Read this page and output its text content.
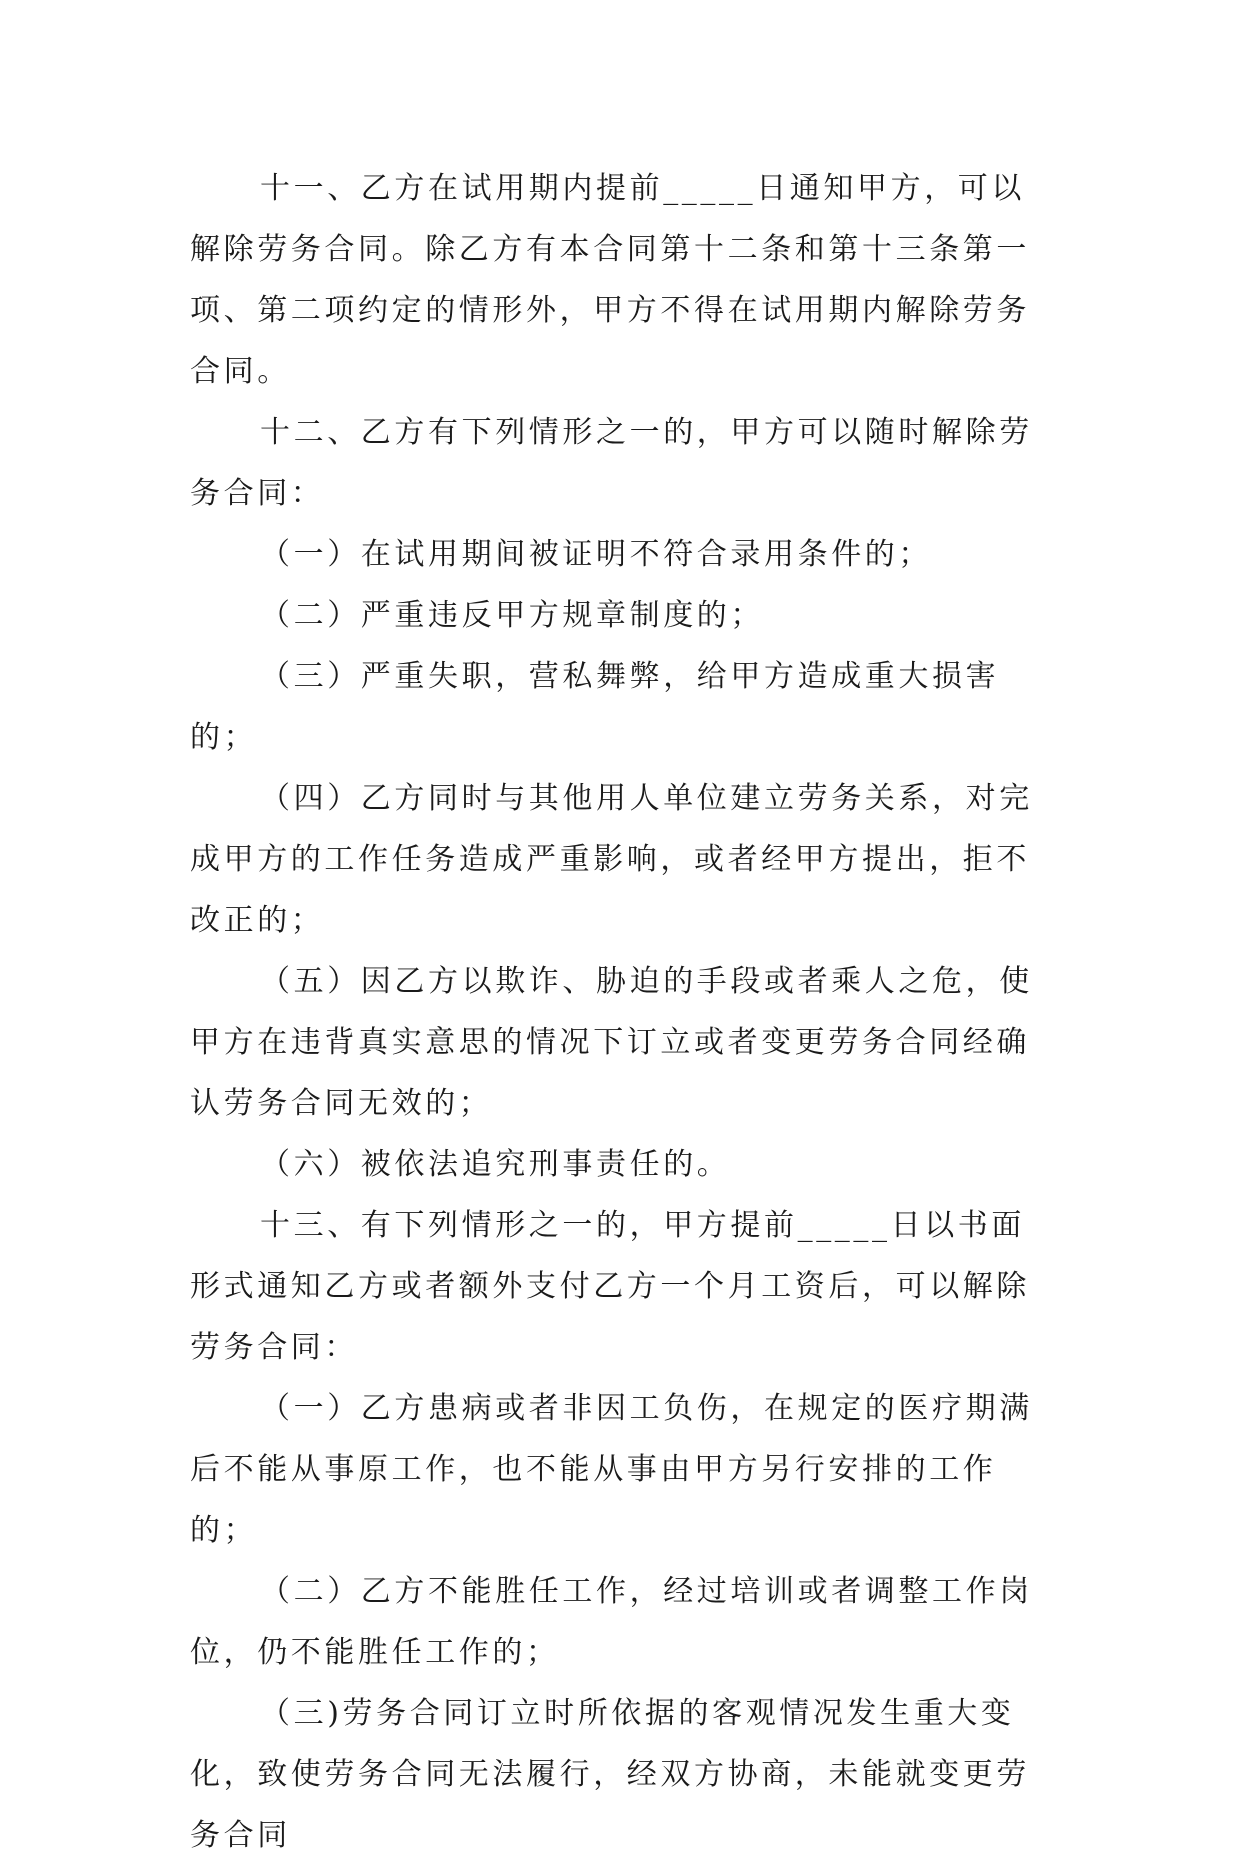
十一、乙方在试用期内提前_____日通知甲方，可以解除劳务合同。除乙方有本合同第十二条和第十三条第一项、第二项约定的情形外，甲方不得在试用期内解除劳务合同。

十二、乙方有下列情形之一的，甲方可以随时解除劳务合同：

（一）在试用期间被证明不符合录用条件的；

（二）严重违反甲方规章制度的；

（三）严重失职，营私舞弊，给甲方造成重大损害的；

（四）乙方同时与其他用人单位建立劳务关系，对完成甲方的工作任务造成严重影响，或者经甲方提出，拒不改正的；

（五）因乙方以欺诈、胁迫的手段或者乘人之危，使甲方在违背真实意思的情况下订立或者变更劳务合同经确认劳务合同无效的；

（六）被依法追究刑事责任的。

十三、有下列情形之一的，甲方提前_____日以书面形式通知乙方或者额外支付乙方一个月工资后，可以解除劳务合同：

（一）乙方患病或者非因工负伤，在规定的医疗期满后不能从事原工作，也不能从事由甲方另行安排的工作的；

（二）乙方不能胜任工作，经过培训或者调整工作岗位，仍不能胜任工作的；

（三)劳务合同订立时所依据的客观情况发生重大变化，致使劳务合同无法履行，经双方协商，未能就变更劳务合同
